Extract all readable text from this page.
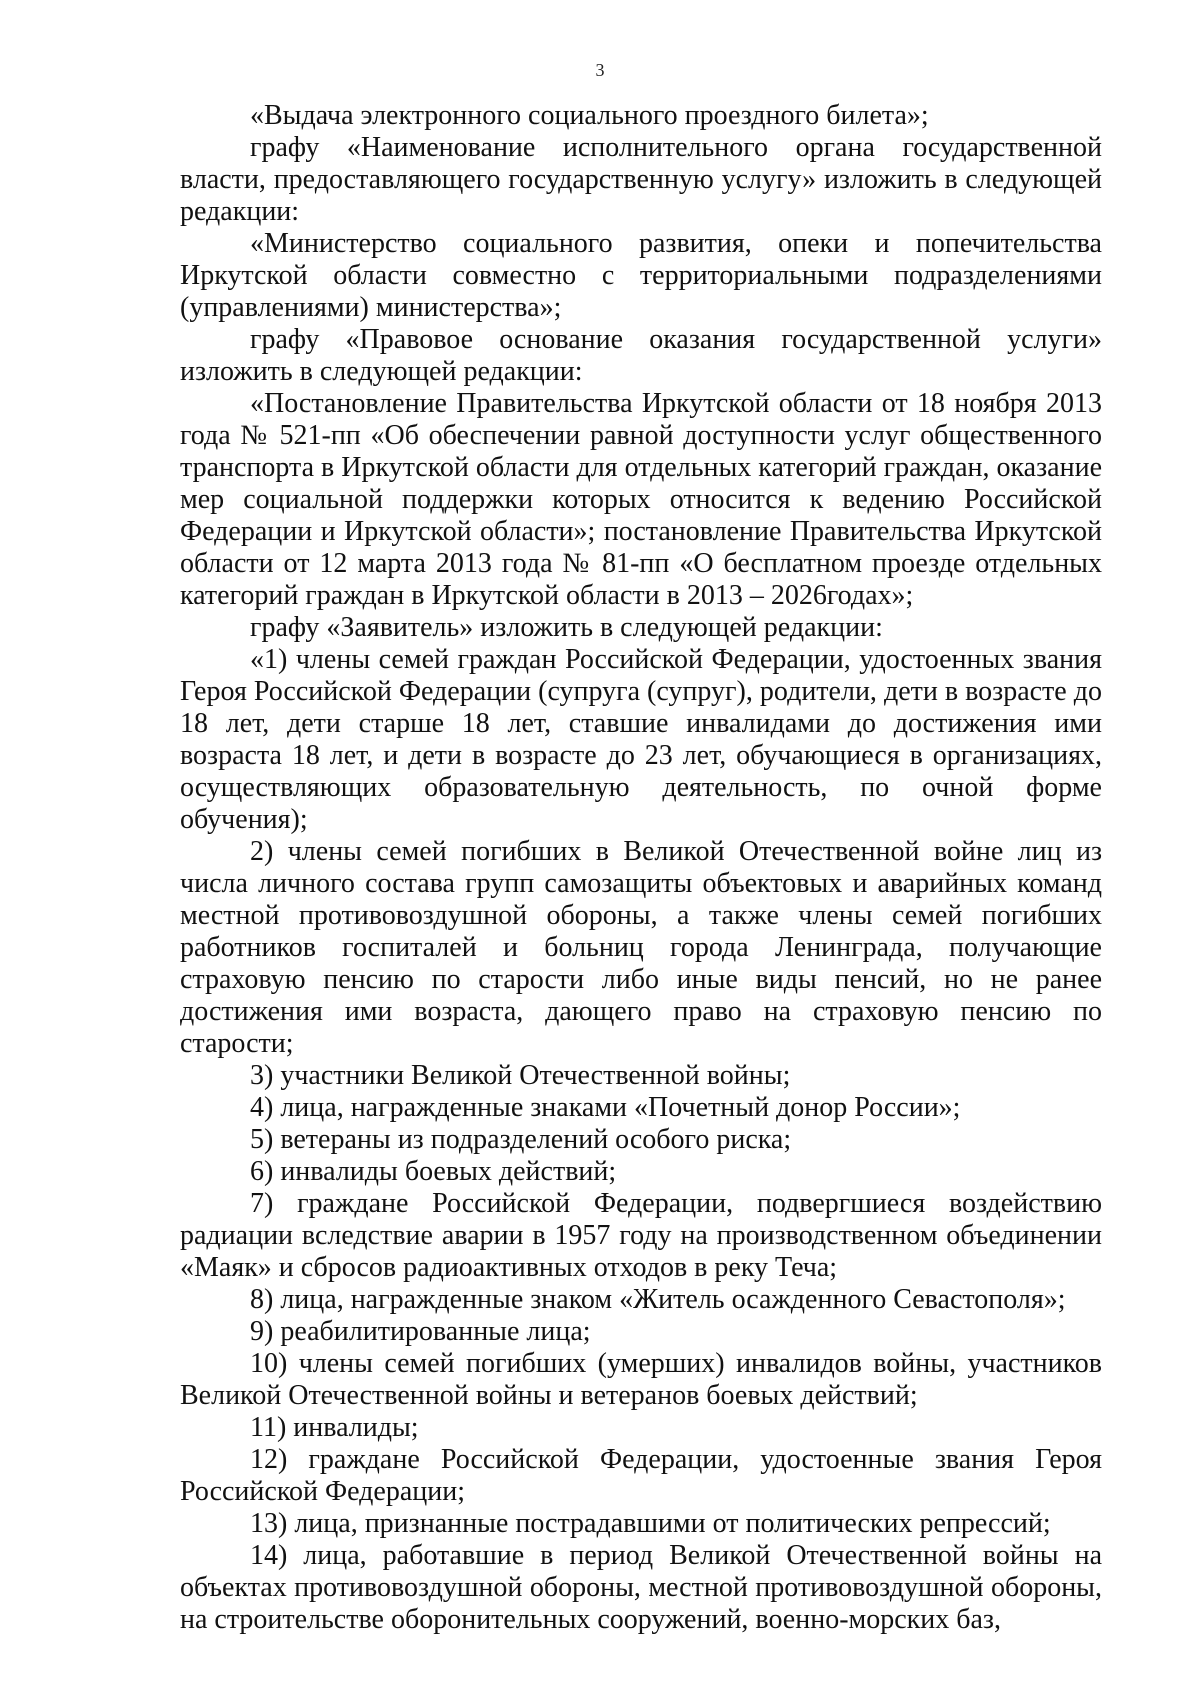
3

«Выдача электронного социального проездного билета»;

графу «Наименование исполнительного органа государственной власти, предоставляющего государственную услугу» изложить в следующей редакции:

«Министерство социального развития, опеки и попечительства Иркутской области совместно с территориальными подразделениями (управлениями) министерства»;

графу «Правовое основание оказания государственной услуги» изложить в следующей редакции:

«Постановление Правительства Иркутской области от 18 ноября 2013 года № 521-пп «Об обеспечении равной доступности услуг общественного транспорта в Иркутской области для отдельных категорий граждан, оказание мер социальной поддержки которых относится к ведению Российской Федерации и Иркутской области»; постановление Правительства Иркутской области от 12 марта 2013 года № 81-пп «О бесплатном проезде отдельных категорий граждан в Иркутской области в 2013 – 2026годах»;

графу «Заявитель» изложить в следующей редакции:

«1) члены семей граждан Российской Федерации, удостоенных звания Героя Российской Федерации (супруга (супруг), родители, дети в возрасте до 18 лет, дети старше 18 лет, ставшие инвалидами до достижения ими возраста 18 лет, и дети в возрасте до 23 лет, обучающиеся в организациях, осуществляющих образовательную деятельность, по очной форме обучения);

2) члены семей погибших в Великой Отечественной войне лиц из числа личного состава групп самозащиты объектовых и аварийных команд местной противовоздушной обороны, а также члены семей погибших работников госпиталей и больниц города Ленинграда, получающие страховую пенсию по старости либо иные виды пенсий, но не ранее достижения ими возраста, дающего право на страховую пенсию по старости;

3) участники Великой Отечественной войны;

4) лица, награжденные знаками «Почетный донор России»;

5) ветераны из подразделений особого риска;

6) инвалиды боевых действий;

7) граждане Российской Федерации, подвергшиеся воздействию радиации вследствие аварии в 1957 году на производственном объединении «Маяк» и сбросов радиоактивных отходов в реку Теча;

8) лица, награжденные знаком «Житель осажденного Севастополя»;

9) реабилитированные лица;

10) члены семей погибших (умерших) инвалидов войны, участников Великой Отечественной войны и ветеранов боевых действий;

11) инвалиды;

12) граждане Российской Федерации, удостоенные звания Героя Российской Федерации;

13) лица, признанные пострадавшими от политических репрессий;

14) лица, работавшие в период Великой Отечественной войны на объектах противовоздушной обороны, местной противовоздушной обороны, на строительстве оборонительных сооружений, военно-морских баз,
